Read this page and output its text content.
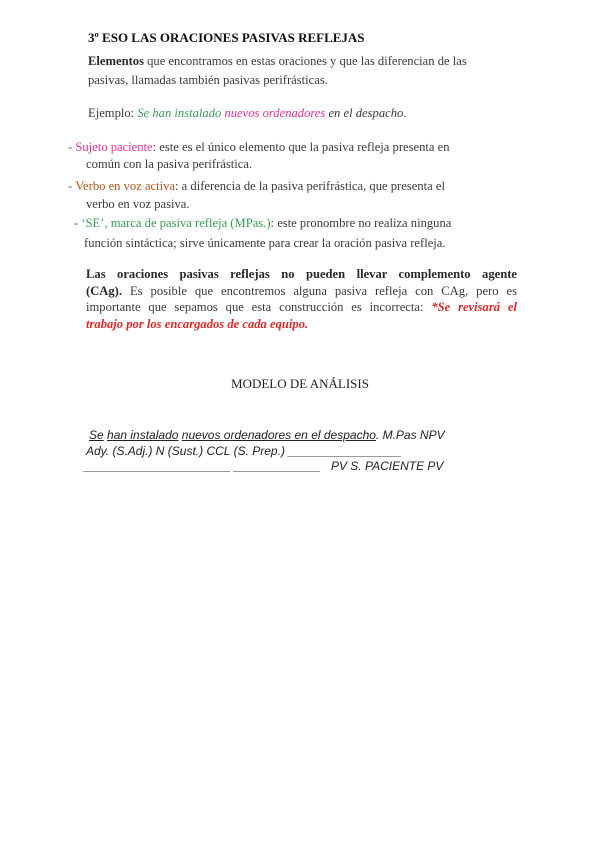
3º ESO LAS ORACIONES PASIVAS REFLEJAS
Elementos que encontramos en estas oraciones y que las diferencian de las
pasivas, llamadas también pasivas perifrásticas.
Ejemplo: Se han instalado nuevos ordenadores en el despacho.
- Sujeto paciente: este es el único elemento que la pasiva refleja presenta en
común con la pasiva perifrástica.
- Verbo en voz activa: a diferencia de la pasiva perifrástica, que presenta el
verbo en voz pasiva.
- ‘SE’, marca de pasiva refleja (MPas.): este pronombre no realiza ninguna
función sintáctica; sirve únicamente para crear la oración pasiva refleja.
Las oraciones pasivas reflejas no pueden llevar complemento agente
(CAg). Es posible que encontremos alguna pasiva refleja con CAg, pero es
importante que sepamos que esta construcción es incorrecta: *Se revisará el
trabajo por los encargados de cada equipo.
MODELO DE ANÁLISIS
Se han instalado nuevos ordenadores en el despacho. M.Pas NPV
Ady. (S.Adj.) N (Sust.) CCL (S. Prep.) _________________
______________________ _____________ PV S. PACIENTE PV
